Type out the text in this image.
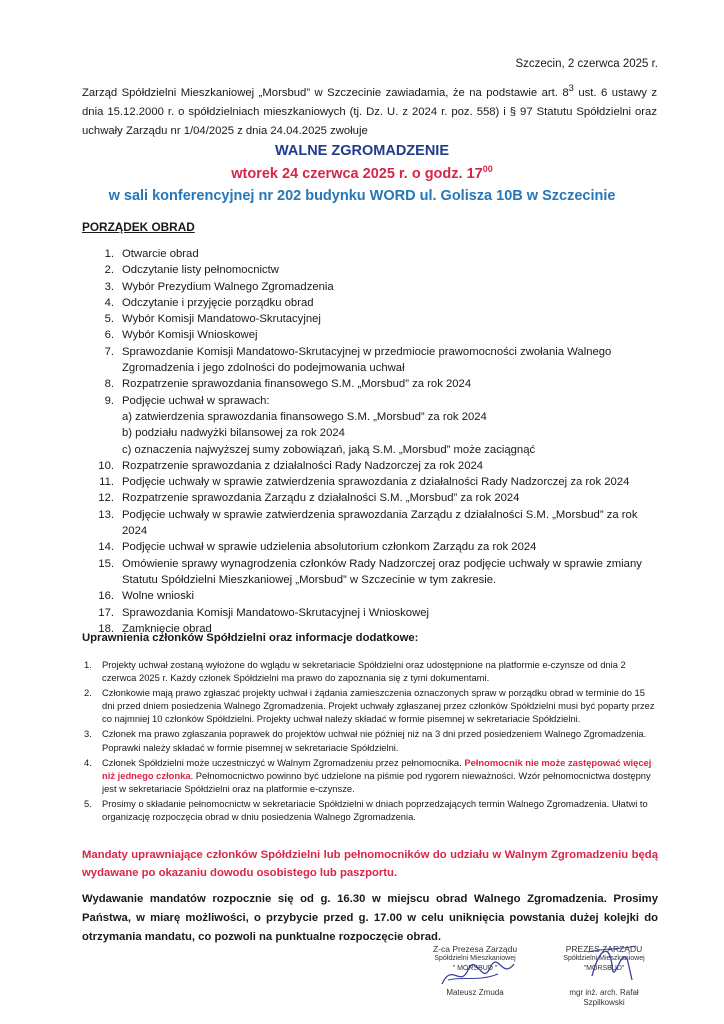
Szczecin, 2 czerwca 2025 r.
Zarząd Spółdzielni Mieszkaniowej „Morsbud” w Szczecinie zawiadamia, że na podstawie art. $8^3$ ust. 6 ustawy z dnia 15.12.2000 r. o spółdzielniach mieszkaniowych (tj. Dz. U. z 2024 r. poz. 558) i § 97 Statutu Spółdzielni oraz uchwały Zarządu nr 1/04/2025 z dnia 24.04.2025 zwołuje
WALNE ZGROMADZENIE
wtorek 24 czerwca 2025 r. o godz. $17^{00}$
w sali konferencyjnej nr 202 budynku WORD ul. Golisza 10B w Szczecinie
PORZĄDEK OBRAD
1. Otwarcie obrad
2. Odczytanie listy pełnomocnictw
3. Wybór Prezydium Walnego Zgromadzenia
4. Odczytanie i przyjęcie porządku obrad
5. Wybór Komisji Mandatowo-Skrutacyjnej
6. Wybór Komisji Wnioskowej
7. Sprawozdanie Komisji Mandatowo-Skrutacyjnej w przedmiocie prawomocności zwołania Walnego Zgromadzenia i jego zdolności do podejmowania uchwał
8. Rozpatrzenie sprawozdania finansowego S.M. „Morsbud” za rok 2024
9. Podjęcie uchwał w sprawach:
a) zatwierdzenia sprawozdania finansowego S.M. „Morsbud” za rok 2024
b) podziału nadwyżki bilansowej za rok 2024
c) oznaczenia najwyższej sumy zobowiązań, jaką S.M. „Morsbud” może zaciągnąć
10. Rozpatrzenie sprawozdania z działalności Rady Nadzorczej za rok 2024
11. Podjęcie uchwały w sprawie zatwierdzenia sprawozdania z działalności Rady Nadzorczej za rok 2024
12. Rozpatrzenie sprawozdania Zarządu z działalności S.M. „Morsbud” za rok 2024
13. Podjęcie uchwały w sprawie zatwierdzenia sprawozdania Zarządu z działalności S.M. „Morsbud” za rok 2024
14. Podjęcie uchwał w sprawie udzielenia absolutorium członkom Zarządu za rok 2024
15. Omówienie sprawy wynagrodzenia członków Rady Nadzorczej oraz podjęcie uchwały w sprawie zmiany Statutu Spółdzielni Mieszkaniowej „Morsbud” w Szczecinie w tym zakresie.
16. Wolne wnioski
17. Sprawozdania Komisji Mandatowo-Skrutacyjnej i Wnioskowej
18. Zamknięcie obrad
Uprawnienia członków Spółdzielni oraz informacje dodatkowe:
1.	Projekty uchwał zostaną wyłożone do wglądu w sekretariacie Spółdzielni oraz udostępnione na platformie e-czynsze od dnia 2 czerwca 2025 r. Każdy członek Spółdzielni ma prawo do zapoznania się z tymi dokumentami.
2.	Członkowie mają prawo zgłaszać projekty uchwał i żądania zamieszczenia oznaczonych spraw w porządku obrad w terminie do 15 dni przed dniem posiedzenia Walnego Zgromadzenia. Projekt uchwały zgłaszanej przez członków Spółdzielni musi być poparty przez co najmniej 10 członków Spółdzielni. Projekty uchwał należy składać w formie pisemnej w sekretariacie Spółdzielni.
3.	Członek ma prawo zgłaszania poprawek do projektów uchwał nie później niż na 3 dni przed posiedzeniem Walnego Zgromadzenia. Poprawki należy składać w formie pisemnej w sekretariacie Spółdzielni.
4.	Członek Spółdzielni może uczestniczyć w Walnym Zgromadzeniu przez pełnomocnika. Pełnomocnik nie może zastępować więcej niż jednego członka. Pełnomocnictwo powinno być udzielone na piśmie pod rygorem nieważności. Wzór pełnomocnictwa dostępny jest w sekretariacie Spółdzielni oraz na platformie e-czynsze.
5.	Prosimy o składanie pełnomocnictw w sekretariacie Spółdzielni w dniach poprzedzających termin Walnego Zgromadzenia. Ułatwi to organizację rozpoczęcia obrad w dniu posiedzenia Walnego Zgromadzenia.
Mandaty uprawniające członków Spółdzielni lub pełnomocników do udziału w Walnym Zgromadzeniu będą wydawane po okazaniu dowodu osobistego lub paszportu.
Wydawanie mandatów rozpocznie się od g. 16.30 w miejscu obrad Walnego Zgromadzenia. Prosimy Państwa, w miarę możliwości, o przybycie przed g. 17.00 w celu uniknięcia powstania dużej kolejki do otrzymania mandatu, co pozwoli na punktualne rozpoczęcie obrad.
Z-ca Prezesa Zarządu
Spółdzielni Mieszkaniowej
" MORSBUD "
Mateusz Zmuda
PREZES ZARZĄDU
Spółdzielni Mieszkaniowej
"MORSBUD"
mgr inż. arch. Rafał Szpilkowski
